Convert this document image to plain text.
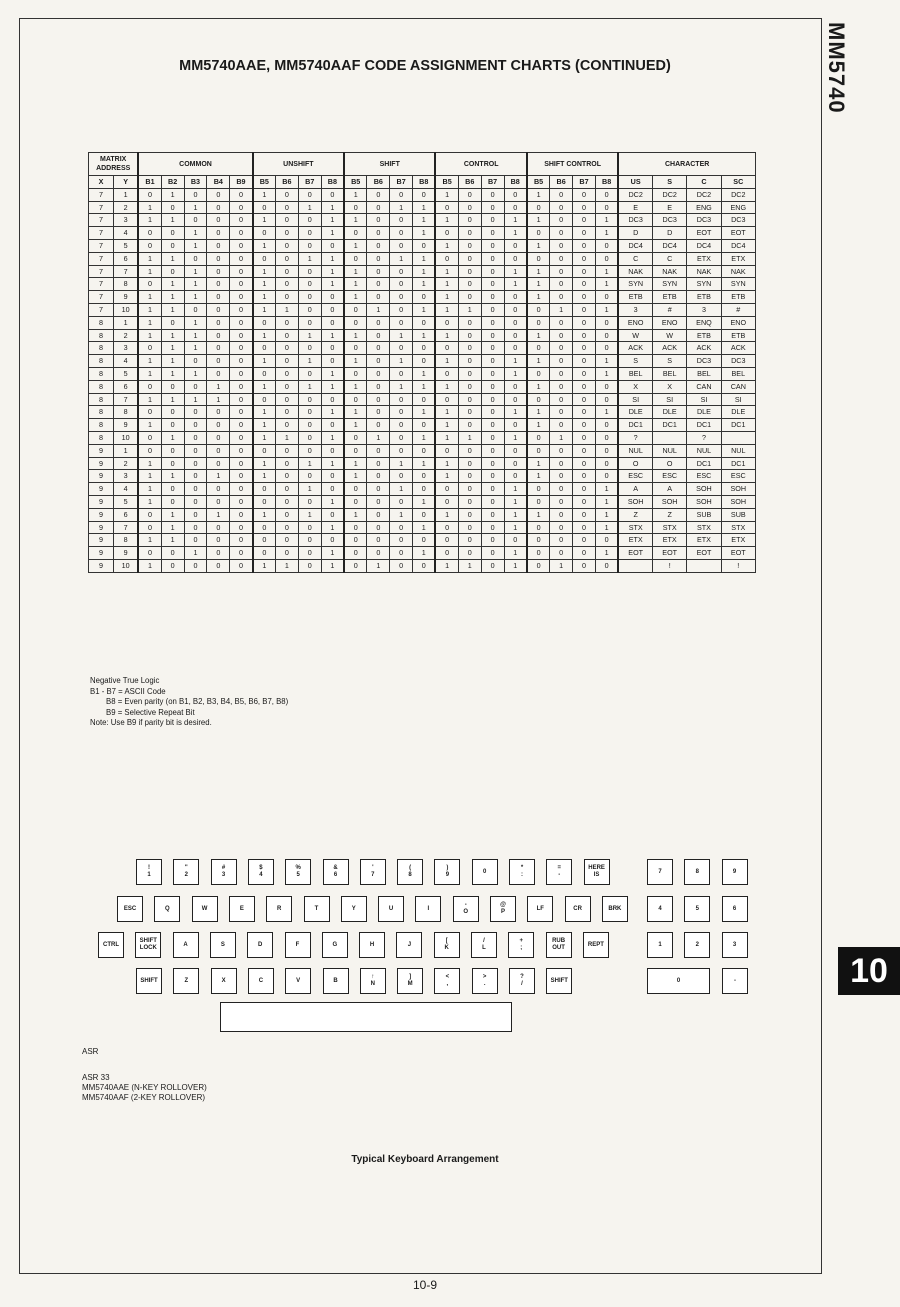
MM5740
10
MM5740AAE, MM5740AAF CODE ASSIGNMENT CHARTS (CONTINUED)
MATRIX ADDRESS		COMMON					UNSHIFT				SHIFT				CONTROL				SHIFT CONTROL				CHARACTER			
X	Y	B1	B2	B3	B4	B9	B5	B6	B7	B8	B5	B6	B7	B8	B5	B6	B7	B8	B5	B6	B7	B8	US	S	C	SC
7	1	0	1	0	0	0	1	0	0	0	1	0	0	0	1	0	0	0	1	0	0	0	DC2	DC2	DC2	DC2
7	2	1	0	1	0	0	0	0	1	1	0	0	1	1	0	0	0	0	0	0	0	0	E	E	ENG	ENG
7	3	1	1	0	0	0	1	0	0	1	1	0	0	1	1	0	0	1	1	0	0	1	DC3	DC3	DC3	DC3
7	4	0	0	1	0	0	0	0	0	1	0	0	0	1	0	0	0	1	0	0	0	1	D	D	EOT	EOT
7	5	0	0	1	0	0	1	0	0	0	1	0	0	0	1	0	0	0	1	0	0	0	DC4	DC4	DC4	DC4
7	6	1	1	0	0	0	0	0	1	1	0	0	1	1	0	0	0	0	0	0	0	0	C	C	ETX	ETX
7	7	1	0	1	0	0	1	0	0	1	1	0	0	1	1	0	0	1	1	0	0	1	NAK	NAK	NAK	NAK
7	8	0	1	1	0	0	1	0	0	1	1	0	0	1	1	0	0	1	1	0	0	1	SYN	SYN	SYN	SYN
7	9	1	1	1	0	0	1	0	0	0	1	0	0	0	1	0	0	0	1	0	0	0	ETB	ETB	ETB	ETB
7	10	1	1	0	0	0	1	1	0	0	0	1	0	1	1	1	0	0	0	1	0	1	3	#	3	#
8	1	1	0	1	0	0	0	0	0	0	0	0	0	0	0	0	0	0	0	0	0	0	ENO	ENO	ENQ	ENO
8	2	1	1	1	0	0	1	0	1	1	1	0	1	1	1	0	0	0	1	0	0	0	W	W	ETB	ETB
8	3	0	1	1	0	0	0	0	0	0	0	0	0	0	0	0	0	0	0	0	0	0	ACK	ACK	ACK	ACK
8	4	1	1	0	0	0	1	0	1	0	1	0	1	0	1	0	0	1	1	0	0	1	S	S	DC3	DC3
8	5	1	1	1	0	0	0	0	0	1	0	0	0	1	0	0	0	1	0	0	0	1	BEL	BEL	BEL	BEL
8	6	0	0	0	1	0	1	0	1	1	1	0	1	1	1	0	0	0	1	0	0	0	X	X	CAN	CAN
8	7	1	1	1	1	0	0	0	0	0	0	0	0	0	0	0	0	0	0	0	0	0	SI	SI	SI	SI
8	8	0	0	0	0	0	1	0	0	1	1	0	0	1	1	0	0	1	1	0	0	1	DLE	DLE	DLE	DLE
8	9	1	0	0	0	0	1	0	0	0	1	0	0	0	1	0	0	0	1	0	0	0	DC1	DC1	DC1	DC1
8	10	0	1	0	0	0	1	1	0	1	0	1	0	1	1	1	0	1	0	1	0	0	?		?	
9	1	0	0	0	0	0	0	0	0	0	0	0	0	0	0	0	0	0	0	0	0	0	NUL	NUL	NUL	NUL
9	2	1	0	0	0	0	1	0	1	1	1	0	1	1	1	0	0	0	1	0	0	0	O	O	DC1	DC1
9	3	1	1	0	1	0	1	0	0	0	1	0	0	0	1	0	0	0	1	0	0	0	ESC	ESC	ESC	ESC
9	4	1	0	0	0	0	0	0	1	0	0	0	1	0	0	0	0	1	0	0	0	1	A	A	SOH	SOH
9	5	1	0	0	0	0	0	0	0	1	0	0	0	1	0	0	0	1	0	0	0	1	SOH	SOH	SOH	SOH
9	6	0	1	0	1	0	1	0	1	0	1	0	1	0	1	0	0	1	1	0	0	1	Z	Z	SUB	SUB
9	7	0	1	0	0	0	0	0	0	1	0	0	0	1	0	0	0	1	0	0	0	1	STX	STX	STX	STX
9	8	1	1	0	0	0	0	0	0	0	0	0	0	0	0	0	0	0	0	0	0	0	ETX	ETX	ETX	ETX
9	9	0	0	1	0	0	0	0	0	1	0	0	0	1	0	0	0	1	0	0	0	1	EOT	EOT	EOT	EOT
9	10	1	0	0	0	0	1	1	0	1	0	1	0	0	1	1	0	1	0	1	0	0		!		!
Negative True Logic
B1 - B7 = ASCII Code
B8 = Even parity (on B1, B2, B3, B4, B5, B6, B7, B8)
B9 = Selective Repeat Bit
Note: Use B9 if parity bit is desired.
!
1
"
2
#
3
$
4
%
5
&
6
'
7
(
8
)
9
0
*
:
=
-
HERE
IS
ESC	Q	W	E	R	T	Y	U	I
-
O
@
P
LF	CR	BRK
CTRL
SHIFT
LOCK
A	S	D	F	G	H	J
[
K
/
L
+
;
RUB
OUT
REPT
SHIFT	Z	X	C	V	B
↑
N
]
M
<
,
>
.
?
/
SHIFT
7	8	9
4	5	6
1	2	3
0	-
ASR
ASR 33
MM5740AAE (N-KEY ROLLOVER)
MM5740AAF (2-KEY ROLLOVER)
Typical Keyboard Arrangement
10-9
